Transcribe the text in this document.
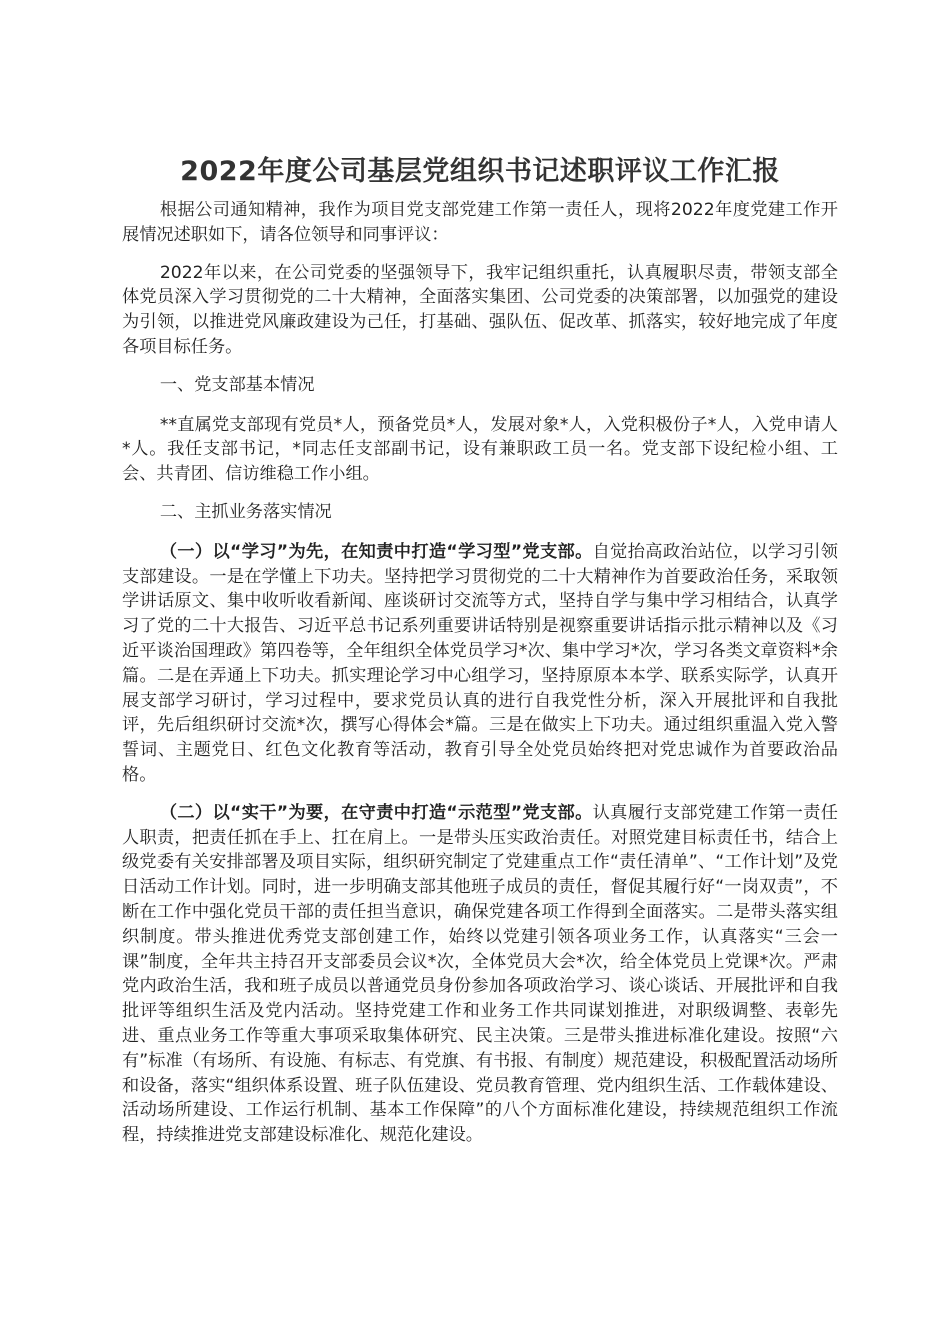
2022年度公司基层党组织书记述职评议工作汇报

根据公司通知精神，我作为项目党支部党建工作第一责任人，现将2022年度党建工作开展情况述职如下，请各位领导和同事评议：

2022年以来，在公司党委的坚强领导下，我牢记组织重托，认真履职尽责，带领支部全体党员深入学习贯彻党的二十大精神，全面落实集团、公司党委的决策部署，以加强党的建设为引领，以推进党风廉政建设为己任，打基础、强队伍、促改革、抓落实，较好地完成了年度各项目标任务。

一、党支部基本情况

**直属党支部现有党员*人，预备党员*人，发展对象*人，入党积极份子*人，入党申请人*人。我任支部书记，*同志任支部副书记，设有兼职政工员一名。党支部下设纪检小组、工会、共青团、信访维稳工作小组。

二、主抓业务落实情况

（一）以“学习”为先，在知责中打造“学习型”党支部。自觉抬高政治站位，以学习引领支部建设。一是在学懂上下功夫。坚持把学习贯彻党的二十大精神作为首要政治任务，采取领学讲话原文、集中收听收看新闻、座谈研讨交流等方式，坚持自学与集中学习相结合，认真学习了党的二十大报告、习近平总书记系列重要讲话特别是视察重要讲话指示批示精神以及《习近平谈治国理政》第四卷等，全年组织全体党员学习*次、集中学习*次，学习各类文章资料*余篇。二是在弄通上下功夫。抓实理论学习中心组学习，坚持原原本本学、联系实际学，认真开展支部学习研讨，学习过程中，要求党员认真的进行自我党性分析，深入开展批评和自我批评，先后组织研讨交流*次，撰写心得体会*篇。三是在做实上下功夫。通过组织重温入党入警誓词、主题党日、红色文化教育等活动，教育引导全处党员始终把对党忠诚作为首要政治品格。

（二）以“实干”为要，在守责中打造“示范型”党支部。认真履行支部党建工作第一责任人职责，把责任抓在手上、扛在肩上。一是带头压实政治责任。对照党建目标责任书，结合上级党委有关安排部署及项目实际，组织研究制定了党建重点工作“责任清单”、“工作计划”及党日活动工作计划。同时，进一步明确支部其他班子成员的责任，督促其履行好“一岗双责”，不断在工作中强化党员干部的责任担当意识，确保党建各项工作得到全面落实。二是带头落实组织制度。带头推进优秀党支部创建工作，始终以党建引领各项业务工作，认真落实“三会一课”制度，全年共主持召开支部委员会议*次，全体党员大会*次，给全体党员上党课*次。严肃党内政治生活，我和班子成员以普通党员身份参加各项政治学习、谈心谈话、开展批评和自我批评等组织生活及党内活动。坚持党建工作和业务工作共同谋划推进，对职级调整、表彰先进、重点业务工作等重大事项采取集体研究、民主决策。三是带头推进标准化建设。按照“六有”标准（有场所、有设施、有标志、有党旗、有书报、有制度）规范建设，积极配置活动场所和设备，落实“组织体系设置、班子队伍建设、党员教育管理、党内组织生活、工作载体建设、活动场所建设、工作运行机制、基本工作保障”的八个方面标准化建设，持续规范组织工作流程，持续推进党支部建设标准化、规范化建设。
